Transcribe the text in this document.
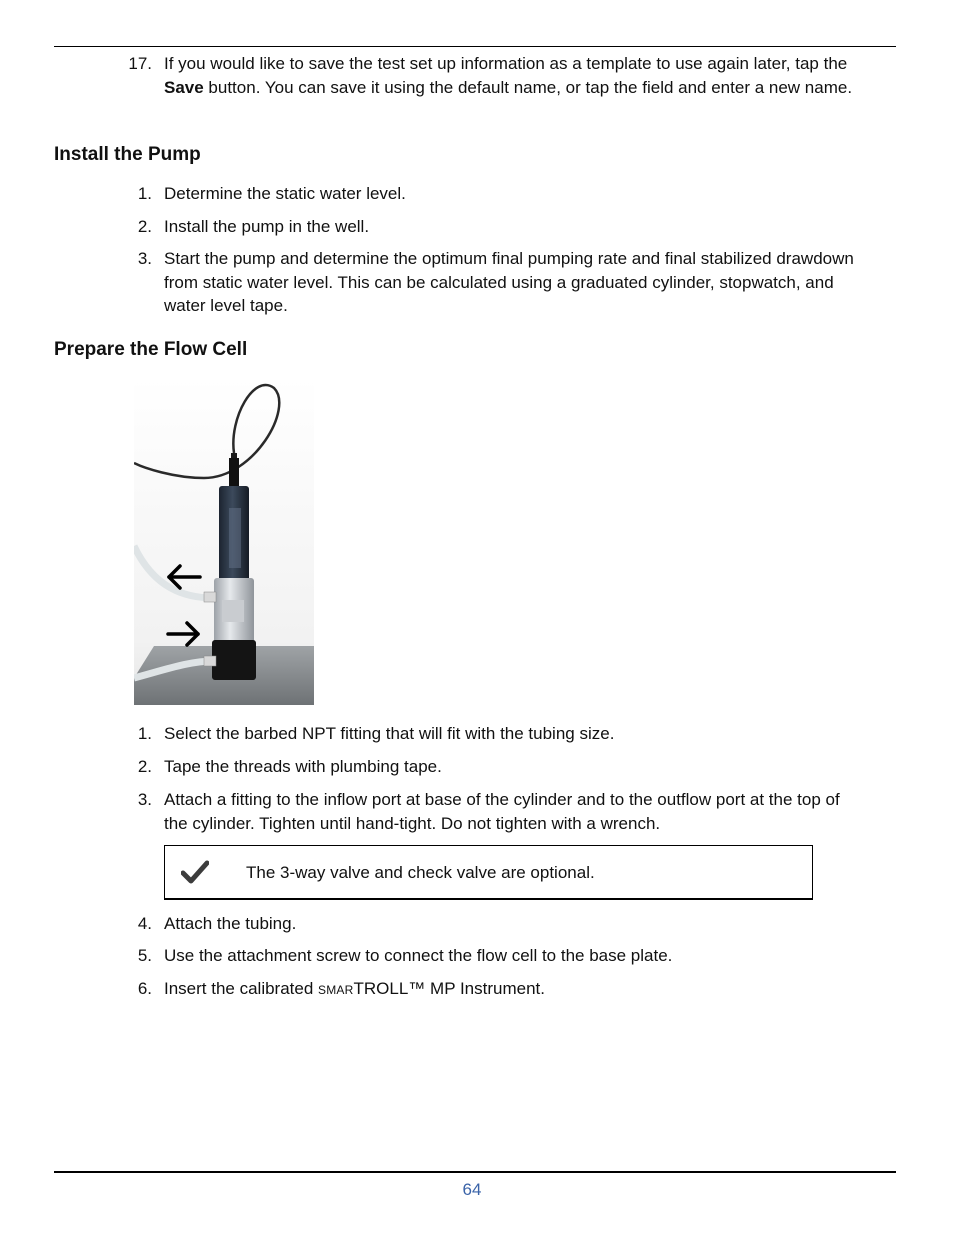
17. If you would like to save the test set up information as a template to use again later, tap the Save button. You can save it using the default name, or tap the field and enter a new name.
Install the Pump
1. Determine the static water level.
2. Install the pump in the well.
3. Start the pump and determine the optimum final pumping rate and final stabilized drawdown from static water level. This can be calculated using a graduated cylinder, stopwatch, and water level tape.
Prepare the Flow Cell
1. Select the barbed NPT fitting that will fit with the tubing size.
2. Tape the threads with plumbing tape.
3. Attach a fitting to the inflow port at base of the cylinder and to the outflow port at the top of the cylinder. Tighten until hand-tight. Do not tighten with a wrench.
The 3-way valve and check valve are optional.
4. Attach the tubing.
5. Use the attachment screw to connect the flow cell to the base plate.
6. Insert the calibrated SMARTROLL™ MP Instrument.
64
